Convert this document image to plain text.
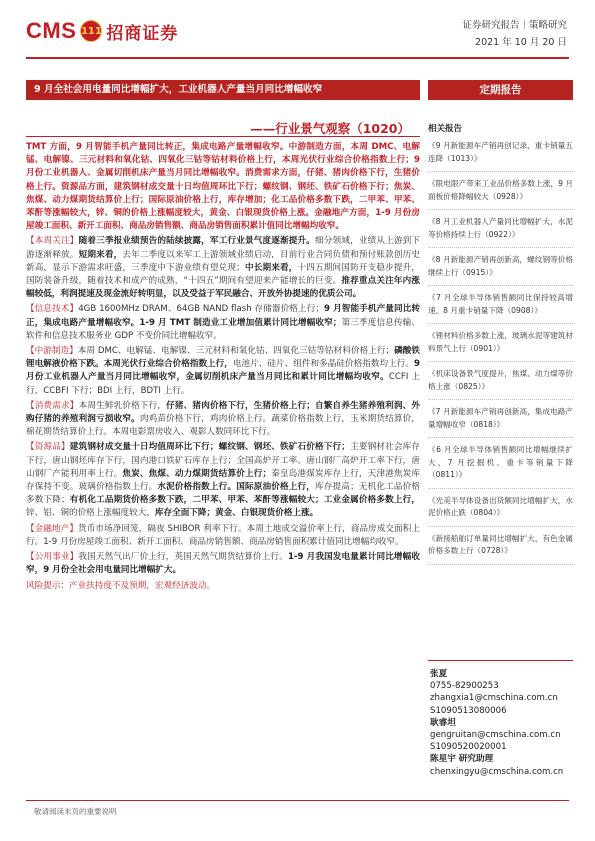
CMS 111 招商证券	证券研究报告｜策略研究
2021 年 10 月 20 日
9 月全社会用电量同比增幅扩大，工业机器人产量当月同比增幅收窄
——行业景气观察（1020）

TMT 方面，9 月智能手机产量同比转正，集成电路产量增幅收窄。中游制造方面，本周 DMC、电解锰、电解镍、三元材料和氧化钴、四氧化三钴等钴材料价格上行，本周光伏行业综合价格指数上行；9 月份工业机器人、金属切削机床产量当月同比增幅收窄。消费需求方面，仔猪、猪肉价格下行，生猪价格上行。资源品方面，建筑钢材成交量十日均值周环比下行；螺纹钢、钢坯、铁矿石价格下行；焦炭、焦煤、动力煤期货结算价上行；国际原油价格上行，库存增加；化工品价格多数下跌，二甲苯、甲苯、苯酐等涨幅较大，锌、铜的价格上涨幅度较大，黄金、白银现货价格上涨。金融地产方面，1-9 月份房屋竣工面积、新开工面积、商品房销售额、商品房销售面积累计值同比增幅均收窄。

【本周关注】随着三季报业绩预告的陆续披露，军工行业景气度逐渐提升。细分领域，业绩从上游到下游逐渐释放。短期来看，去年二季度以来军工上游领域业绩启动，目前行业合同负债和预付账款创历史新高，显示下游需求旺盛，三季度中下游业绩有望兑现；中长期来看，十四五期间国防开支稳步提升，国防装备升级，随着技术和成产的成熟，“十四五”期间有望迎来产能增长的巨变。推荐重点关注年内涨幅较低，利润提速及现金流好转明显，以及受益于军民融合、开放外协提速的优质公司。

【信息技术】4GB 1600MHz DRAM、64GB NAND flash 存储器价格上行；9 月智能手机产量同比转正，集成电路产量增幅收窄。1-9 月 TMT 制造业工业增加值累计同比增幅收窄；第三季度信息传输、软件和信息技术服务业 GDP 不变价同比增幅收窄。

【中游制造】本周 DMC、电解锰、电解镍、三元材料和氧化钴、四氧化三钴等钴材料价格上行；磷酸铁锂电解液价格下跌。本周光伏行业综合价格指数上行，电池片、硅片、组件和多晶硅价格指数均上行。9 月份工业机器人产量当月同比增幅收窄，金属切削机床产量当月同比和累计同比增幅均收窄。CCFI 上行，CCBFI 下行；BDI 上行，BDTI 上行。

【消费需求】本周生鲜乳价格下行，仔猪、猪肉价格下行，生猪价格上行；自繁自养生猪养殖利润、外购仔猪的养殖利润亏损收窄。肉鸡苗价格下行，鸡肉价格上行。蔬菜价格指数上行，玉米期货结算价，棉花期货结算价上行。本周电影票房收入、观影人数同环比下行。

【资源品】建筑钢材成交量十日均值周环比下行；螺纹钢、钢坯、铁矿石价格下行；主要钢材社会库存下行，唐山钢坯库存下行，国内港口铁矿石库存上行；全国高炉开工率、唐山钢厂高炉开工率下行，唐山钢厂产能利用率上行。焦炭、焦煤、动力煤期货结算价上行；秦皇岛港煤炭库存上行，天津港焦炭库存保持不变。玻璃价格指数上行。水泥价格指数上行。国际原油价格上行，库存提高；无机化工品价格多数下降；有机化工品期货价格多数下跌，二甲苯、甲苯、苯酐等涨幅较大；工业金属价格多数上行，锌、铝、铜的价格上涨幅度较大，库存全面下降；黄金、白银现货价格上涨。

【金融地产】货币市场净回笼，隔夜 SHIBOR 利率下行。本周土地成交溢价率上行，商品房成交面积上行。1-9 月份房屋竣工面积、新开工面积、商品房销售额、商品房销售面积累计值同比增幅均收窄。

【公用事业】我国天然气出厂价上行，英国天然气期货结算价上行。1-9 月我国发电量累计同比增幅收窄，9 月份全社会用电量同比增幅扩大。

风险提示：产业扶持度不及预期，宏观经济波动。

定期报告
相关报告
《9 月新能源车产销再创记录，重卡销量五连降（1013）》
《限电限产带来工业品价格多数上涨，9 月面板价格降幅较大（0928）》
《8 月工业机器人产量同比增幅扩大，水泥等价格持续上行（0922）》
《8 月新能源产销再创新高，螺纹钢等价格继续上行（0915）》
《7 月全球半导体销售额同比保持较高增速，8 月重卡销量下降（0908）》
《锂材料价格多数上涨，玻璃水泥等建筑材料景气上行（0901）》
《机床设备景气度提升，焦煤、动力煤等价格上涨（0825）》
《7 月新能源车产销再创新高，集成电路产量增幅收窄（0818）》
《6 月全球半导体销售额同比增幅继续扩大，7 月挖掘机、重卡等销量下降（0811）》
《光美半导体设备出货额同比增幅扩大，水泥价格止跌（0804）》
《新接船舶订单量同比增幅扩大，有色金属价格多数上行（0728）》
张夏
0755-82900253
zhangxia1@cmschina.com.cn
S1090513080006
耿睿坦
gengruitan@cmschina.com.cn
S1090520020001
陈星宇 研究助理
chenxingyu@cmschina.com.cn
敬请阅读末页的重要说明
